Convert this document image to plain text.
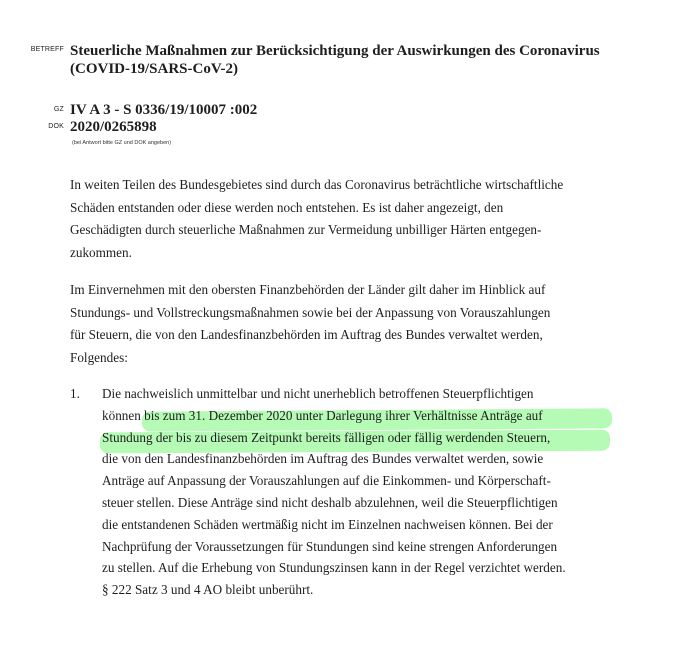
BETREFF Steuerliche Maßnahmen zur Berücksichtigung der Auswirkungen des Coronavirus
(COVID-19/SARS-CoV-2)
GZ IV A 3 - S 0336/19/10007 :002
DOK 2020/0265898
(bei Antwort bitte GZ und DOK angeben)
In weiten Teilen des Bundesgebietes sind durch das Coronavirus beträchtliche wirtschaftliche
Schäden entstanden oder diese werden noch entstehen. Es ist daher angezeigt, den
Geschädigten durch steuerliche Maßnahmen zur Vermeidung unbilliger Härten entgegen-
zukommen.
Im Einvernehmen mit den obersten Finanzbehörden der Länder gilt daher im Hinblick auf
Stundungs- und Vollstreckungsmaßnahmen sowie bei der Anpassung von Vorauszahlungen
für Steuern, die von den Landesfinanzbehörden im Auftrag des Bundes verwaltet werden,
Folgendes:
1. Die nachweislich unmittelbar und nicht unerheblich betroffenen Steuerpflichtigen
können bis zum 31. Dezember 2020 unter Darlegung ihrer Verhältnisse Anträge auf
Stundung der bis zu diesem Zeitpunkt bereits fälligen oder fällig werdenden Steuern,
die von den Landesfinanzbehörden im Auftrag des Bundes verwaltet werden, sowie
Anträge auf Anpassung der Vorauszahlungen auf die Einkommen- und Körperschaft-
steuer stellen. Diese Anträge sind nicht deshalb abzulehnen, weil die Steuerpflichtigen
die entstandenen Schäden wertmäßig nicht im Einzelnen nachweisen können. Bei der
Nachprüfung der Voraussetzungen für Stundungen sind keine strengen Anforderungen
zu stellen. Auf die Erhebung von Stundungszinsen kann in der Regel verzichtet werden.
§ 222 Satz 3 und 4 AO bleibt unberührt.
